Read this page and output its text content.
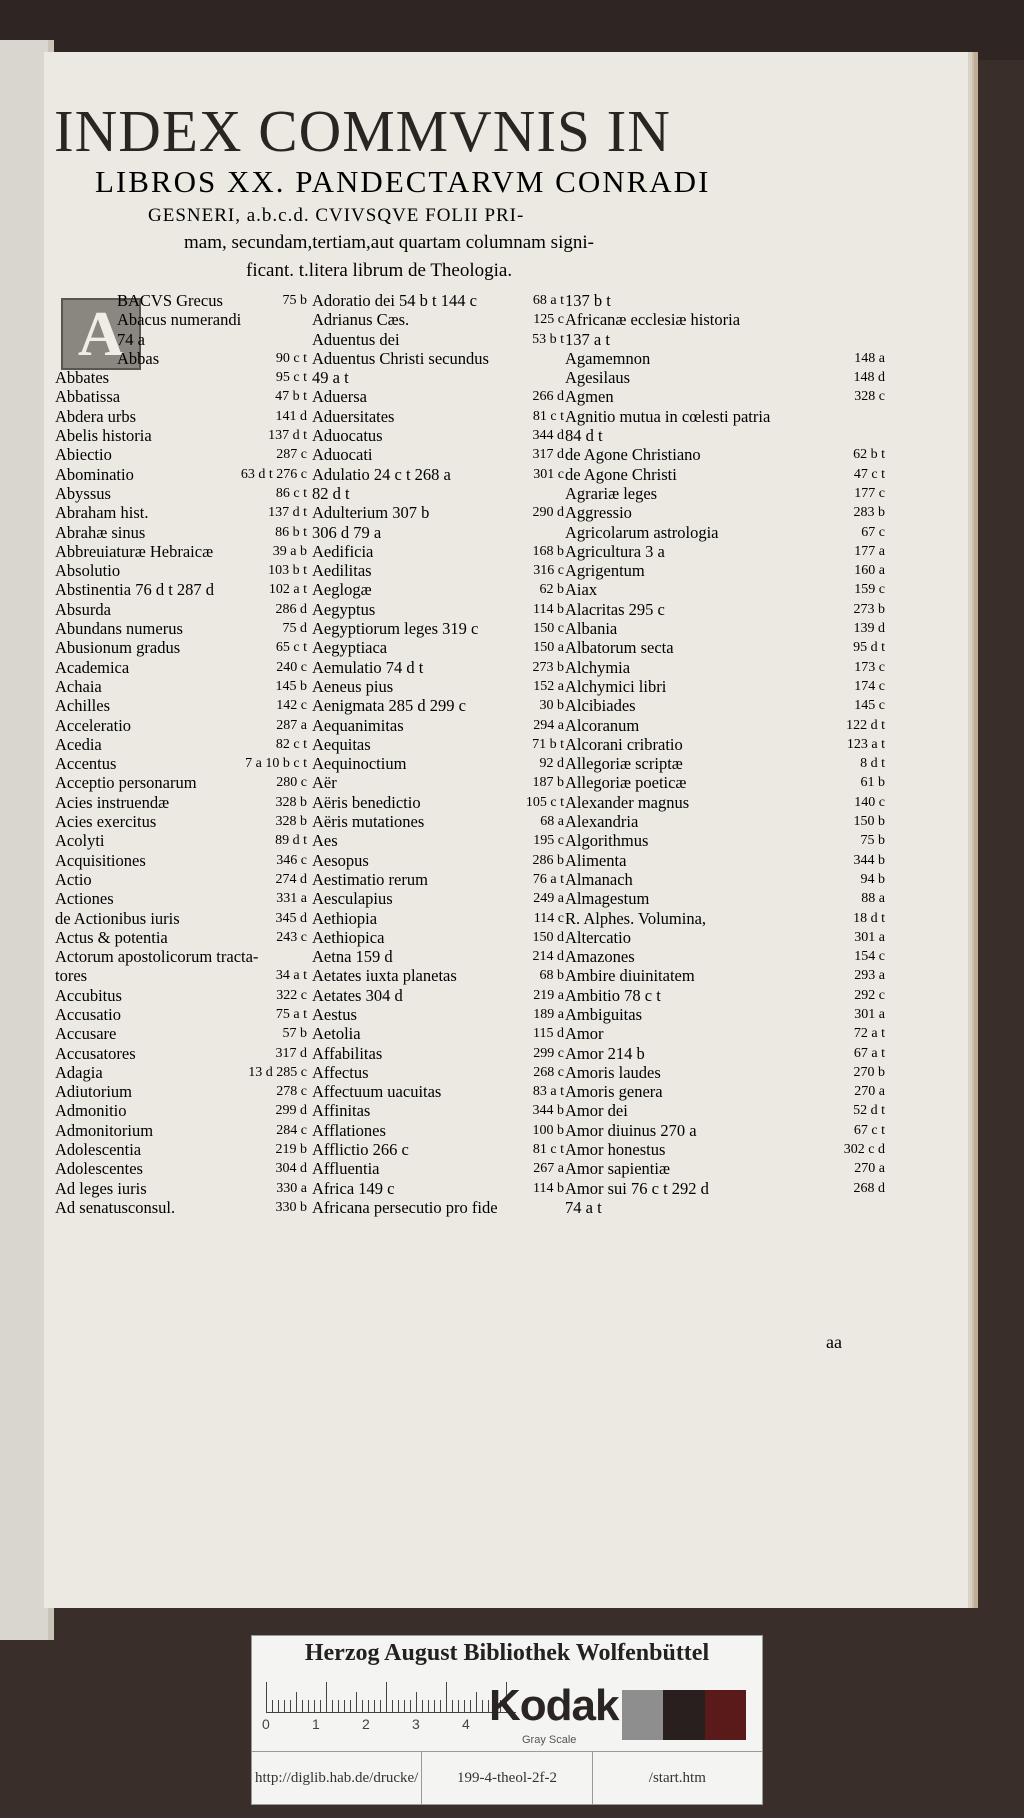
INDEX COMMVNIS IN
LIBROS XX. PANDECTARVM CONRADI
GESNERI, a.b.c.d. CVIVSQVE FOLII PRI-
mam, secundam,tertiam,aut quartam columnam signi-
ficant. t.litera librum de Theologia.
A
BACVS Grecus	75 b
Abacus numerandi
74 a
Abbas	90 c t
Abbates	95 c t
Abbatissa	47 b t
Abdera urbs	141 d
Abelis historia	137 d t
Abiectio	287 c
Abominatio	63 d t 276 c
Abyssus	86 c t
Abraham hist.	137 d t
Abrahæ sinus	86 b t
Abbreuiaturæ Hebraicæ	39 a b
Absolutio	103 b t
Abstinentia 76 d t 287 d	102 a t
Absurda	286 d
Abundans numerus	75 d
Abusionum gradus	65 c t
Academica	240 c
Achaia	145 b
Achilles	142 c
Acceleratio	287 a
Acedia	82 c t
Accentus	7 a 10 b c t
Acceptio personarum	280 c
Acies instruendæ	328 b
Acies exercitus	328 b
Acolyti	89 d t
Acquisitiones	346 c
Actio	274 d
Actiones	331 a
de Actionibus iuris	345 d
Actus & potentia	243 c
Actorum apostolicorum tracta-
tores	34 a t
Accubitus	322 c
Accusatio	75 a t
Accusare	57 b
Accusatores	317 d
Adagia	13 d 285 c
Adiutorium	278 c
Admonitio	299 d
Admonitorium	284 c
Adolescentia	219 b
Adolescentes	304 d
Ad leges iuris	330 a
Ad senatusconsul.	330 b
Adoratio dei 54 b t 144 c	68 a t
Adrianus Cæs.	125 c
Aduentus dei	53 b t
Aduentus Christi secundus
49 a t
Aduersa	266 d
Aduersitates	81 c t
Aduocatus	344 d
Aduocati	317 d
Adulatio 24 c t 268 a	301 c
82 d t
Adulterium 307 b	290 d
306 d 79 a
Aedificia	168 b
Aedilitas	316 c
Aeglogæ	62 b
Aegyptus	114 b
Aegyptiorum leges 319 c	150 c
Aegyptiaca	150 a
Aemulatio 74 d t	273 b
Aeneus pius	152 a
Aenigmata 285 d 299 c	30 b
Aequanimitas	294 a
Aequitas	71 b t
Aequinoctium	92 d
Aër	187 b
Aëris benedictio	105 c t
Aëris mutationes	68 a
Aes	195 c
Aesopus	286 b
Aestimatio rerum	76 a t
Aesculapius	249 a
Aethiopia	114 c
Aethiopica	150 d
Aetna 159 d	214 d
Aetates iuxta planetas	68 b
Aetates 304 d	219 a
Aestus	189 a
Aetolia	115 d
Affabilitas	299 c
Affectus	268 c
Affectuum uacuitas	83 a t
Affinitas	344 b
Afflationes	100 b
Afflictio 266 c	81 c t
Affluentia	267 a
Africa 149 c	114 b
Africana persecutio pro fide
137 b t
Africanæ ecclesiæ historia
137 a t
Agamemnon	148 a
Agesilaus	148 d
Agmen	328 c
Agnitio mutua in cœlesti patria
84 d t
de Agone Christiano	62 b t
de Agone Christi	47 c t
Agrariæ leges	177 c
Aggressio	283 b
Agricolarum astrologia	67 c
Agricultura 3 a	177 a
Agrigentum	160 a
Aiax	159 c
Alacritas 295 c	273 b
Albania	139 d
Albatorum secta	95 d t
Alchymia	173 c
Alchymici libri	174 c
Alcibiades	145 c
Alcoranum	122 d t
Alcorani cribratio	123 a t
Allegoriæ scriptæ	8 d t
Allegoriæ poeticæ	61 b
Alexander magnus	140 c
Alexandria	150 b
Algorithmus	75 b
Alimenta	344 b
Almanach	94 b
Almagestum	88 a
R. Alphes. Volumina,	18 d t
Altercatio	301 a
Amazones	154 c
Ambire diuinitatem	293 a
Ambitio 78 c t	292 c
Ambiguitas	301 a
Amor	72 a t
Amor 214 b	67 a t
Amoris laudes	270 b
Amoris genera	270 a
Amor dei	52 d t
Amor diuinus 270 a	67 c t
Amor honestus	302 c d
Amor sapientiæ	270 a
Amor sui 76 c t 292 d	268 d
74 a t
aa
Herzog August Bibliothek Wolfenbüttel
0	1	2	3	4 Kodak
Gray Scale
http://diglib.hab.de/drucke/	199-4-theol-2f-2	/start.htm
